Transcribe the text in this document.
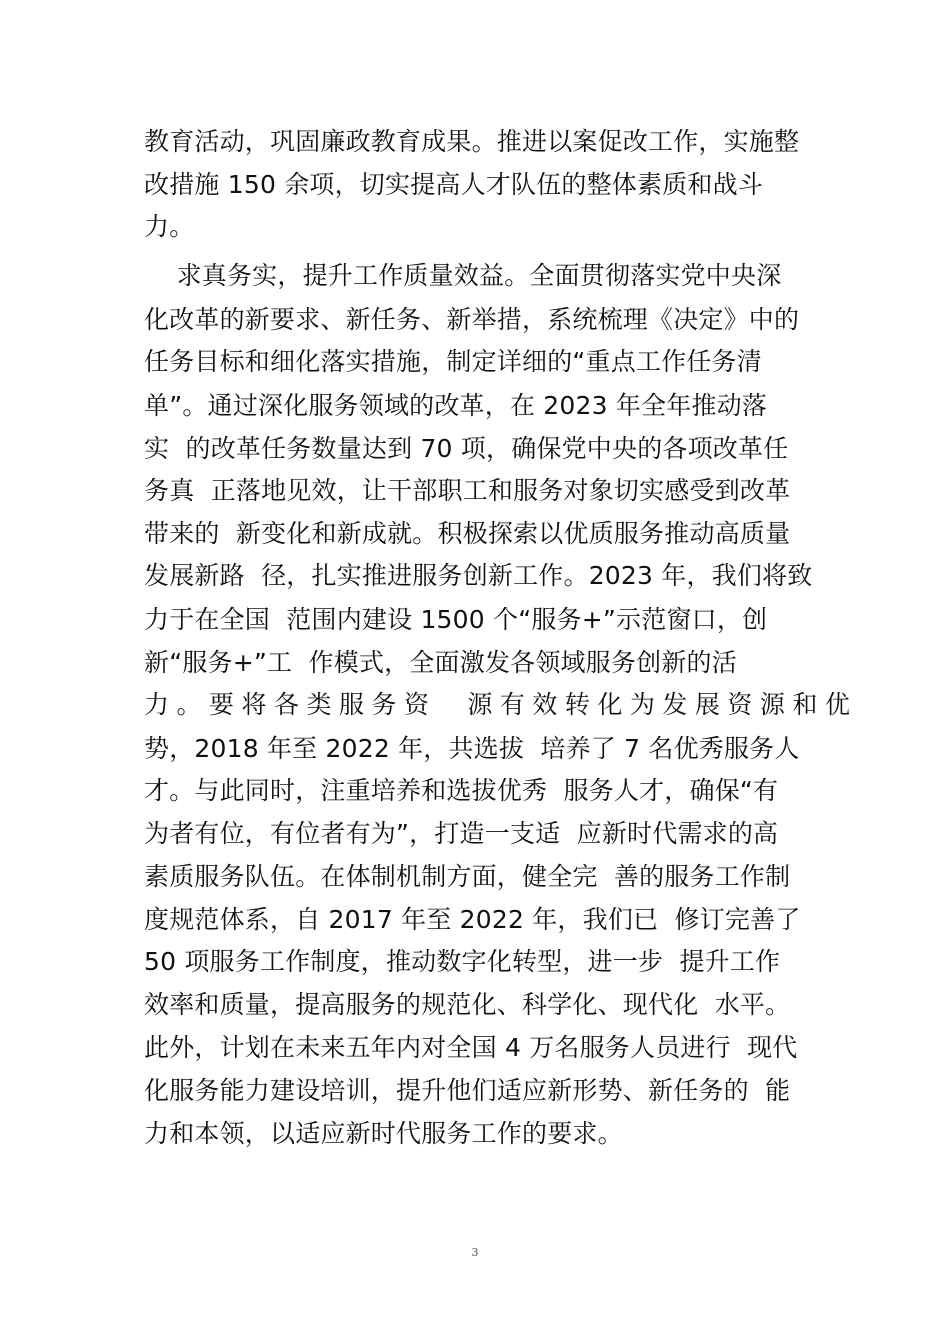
教育活动，巩固廉政教育成果。推进以案促改工作，实施整
改措施 150 余项，切实提高人才队伍的整体素质和战斗
力。
求真务实，提升工作质量效益。全面贯彻落实党中央深
化改革的新要求、新任务、新举措，系统梳理《决定》中的
任务目标和细化落实措施，制定详细的“重点工作任务清
单”。通过深化服务领域的改革，在 2023 年全年推动落
实  的改革任务数量达到 70 项，确保党中央的各项改革任
务真  正落地见效，让干部职工和服务对象切实感受到改革
带来的  新变化和新成就。积极探索以优质服务推动高质量
发展新路  径，扎实推进服务创新工作。2023 年，我们将致
力于在全国  范围内建设 1500 个“服务+”示范窗口，创
新“服务+”工  作模式，全面激发各领域服务创新的活
力。要将各类服务资  源有效转化为发展资源和优
势，2018 年至 2022 年，共选拔  培养了 7 名优秀服务人
才。与此同时，注重培养和选拔优秀  服务人才，确保“有
为者有位，有位者有为”，打造一支适  应新时代需求的高
素质服务队伍。在体制机制方面，健全完  善的服务工作制
度规范体系，自 2017 年至 2022 年，我们已  修订完善了
50 项服务工作制度，推动数字化转型，进一步  提升工作
效率和质量，提高服务的规范化、科学化、现代化  水平。
此外，计划在未来五年内对全国 4 万名服务人员进行  现代
化服务能力建设培训，提升他们适应新形势、新任务的  能
力和本领，以适应新时代服务工作的要求。
3
